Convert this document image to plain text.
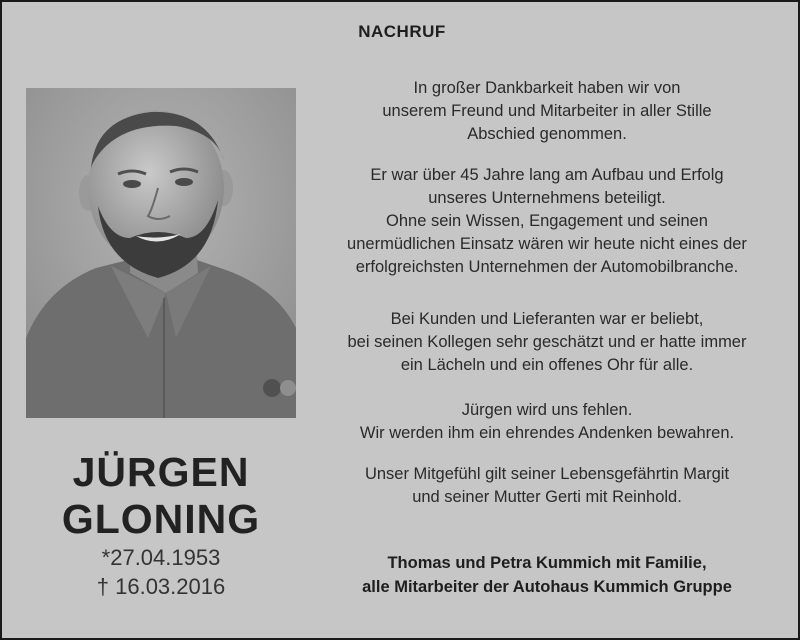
NACHRUF
JÜRGEN
GLONING
*27.04.1953
† 16.03.2016
In großer Dankbarkeit haben wir von
unserem Freund und Mitarbeiter in aller Stille
Abschied genommen.
Er war über 45 Jahre lang am Aufbau und Erfolg
unseres Unternehmens beteiligt.
Ohne sein Wissen, Engagement und seinen
unermüdlichen Einsatz wären wir heute nicht eines der
erfolgreichsten Unternehmen der Automobilbranche.
Bei Kunden und Lieferanten war er beliebt,
bei seinen Kollegen sehr geschätzt und er hatte immer
ein Lächeln und ein offenes Ohr für alle.
Jürgen wird uns fehlen.
Wir werden ihm ein ehrendes Andenken bewahren.
Unser Mitgefühl gilt seiner Lebensgefährtin Margit
und seiner Mutter Gerti mit Reinhold.
Thomas und Petra Kummich mit Familie,
alle Mitarbeiter der Autohaus Kummich Gruppe
